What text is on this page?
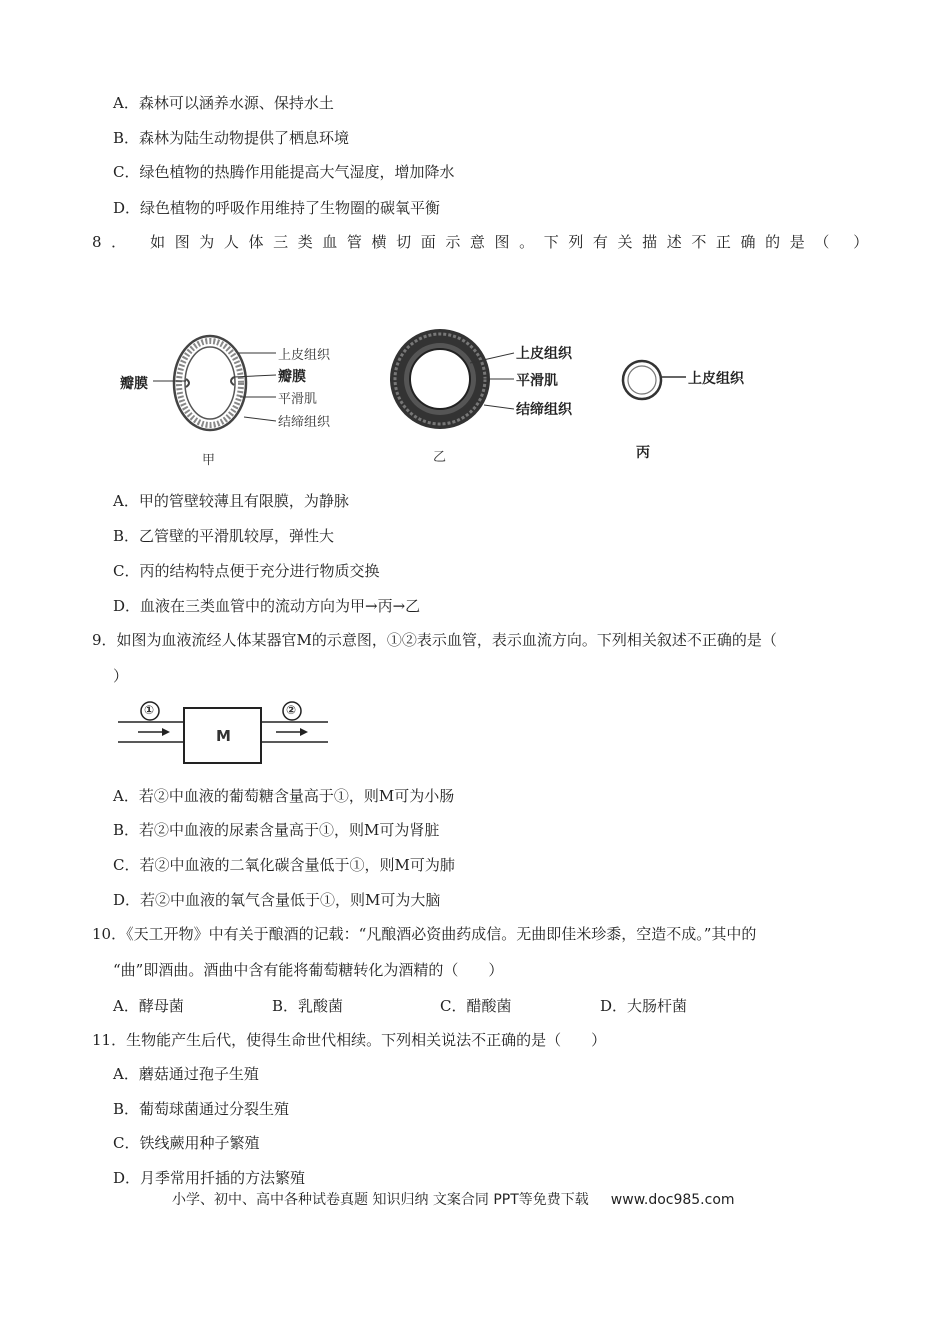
A．森林可以涵养水源、保持水土
B．森林为陆生动物提供了栖息环境
C．绿色植物的热腾作用能提高大气湿度，增加降水
D．绿色植物的呼吸作用维持了生物圈的碳氧平衡
8． 如图为人体三类血管横切面示意图。下列有关描述不正确的是（ ）
瓣膜
上皮组织
瓣膜
平滑肌
结缔组织
甲
上皮组织
平滑肌
结缔组织
乙
上皮组织
丙
A．甲的管壁较薄且有限膜，为静脉
B．乙管壁的平滑肌较厚，弹性大
C．丙的结构特点便于充分进行物质交换
D．血液在三类血管中的流动方向为甲→丙→乙
9．如图为血液流经人体某器官M的示意图，①②表示血管，表示血流方向。下列相关叙述不正确的是（
）
①	②
M
A．若②中血液的葡萄糖含量高于①，则M可为小肠
B．若②中血液的尿素含量高于①，则M可为肾脏
C．若②中血液的二氧化碳含量低于①，则M可为肺
D．若②中血液的氧气含量低于①，则M可为大脑
10．《天工开物》中有关于酿酒的记载：“凡酿酒必资曲药成信。无曲即佳米珍黍，空造不成。”其中的
“曲”即酒曲。酒曲中含有能将葡萄糖转化为酒精的（　　）
A．酵母菌	B．乳酸菌	C．醋酸菌	D．大肠杆菌
11．生物能产生后代，使得生命世代相续。下列相关说法不正确的是（　　）
A．蘑菇通过孢子生殖
B．葡萄球菌通过分裂生殖
C．铁线蕨用种子繁殖
D．月季常用扦插的方法繁殖
小学、初中、高中各种试卷真题 知识归纳 文案合同 PPT等免费下载 www.doc985.com
